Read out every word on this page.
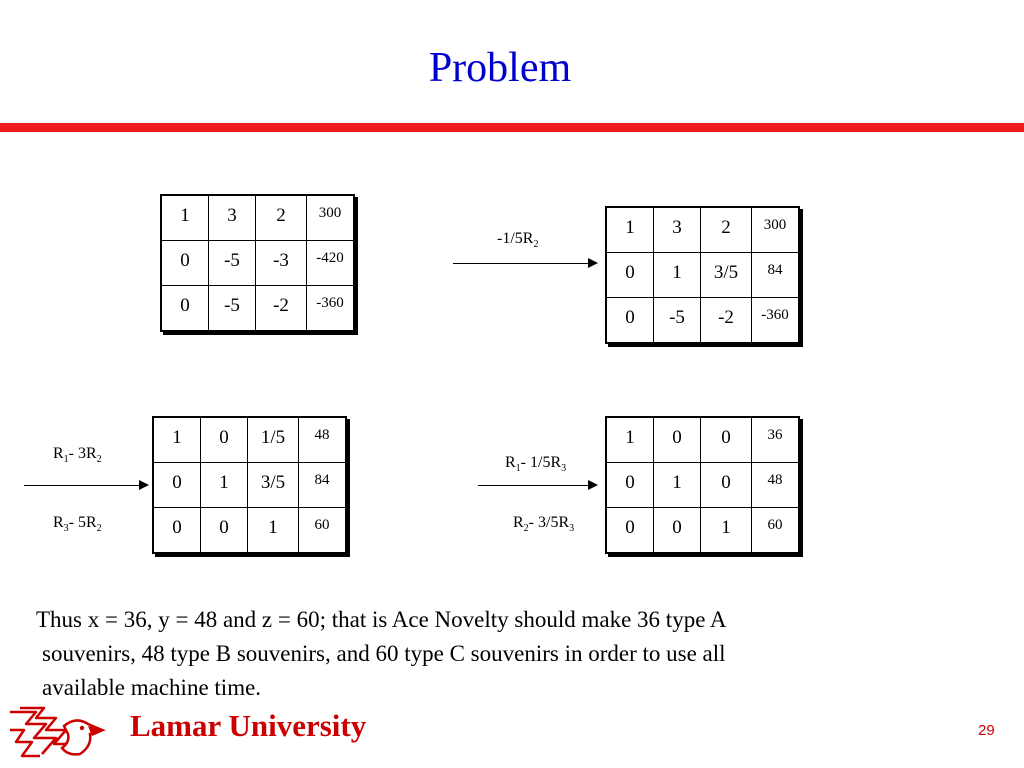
Problem
1	3	2	300
0	-5	-3	-420
0	-5	-2	-360
$-1/5R_2$
1	3	2	300
0	1	3/5	84
0	-5	-2	-360
$R_1-$ $3R_2$
$R_3-$ $5R_2$
1	0	1/5	48
0	1	3/5	84
0	0	1	60
$R_1-$ $1/5R_3$
$R_2-$ $3/5R_3$
1	0	0	36
0	1	0	48
0	0	1	60
Thus x = 36, y = 48 and z = 60; that is Ace Novelty should make 36 type A
souvenirs, 48 type B souvenirs, and 60 type C souvenirs in order to use all
available machine time.
Lamar University	29
